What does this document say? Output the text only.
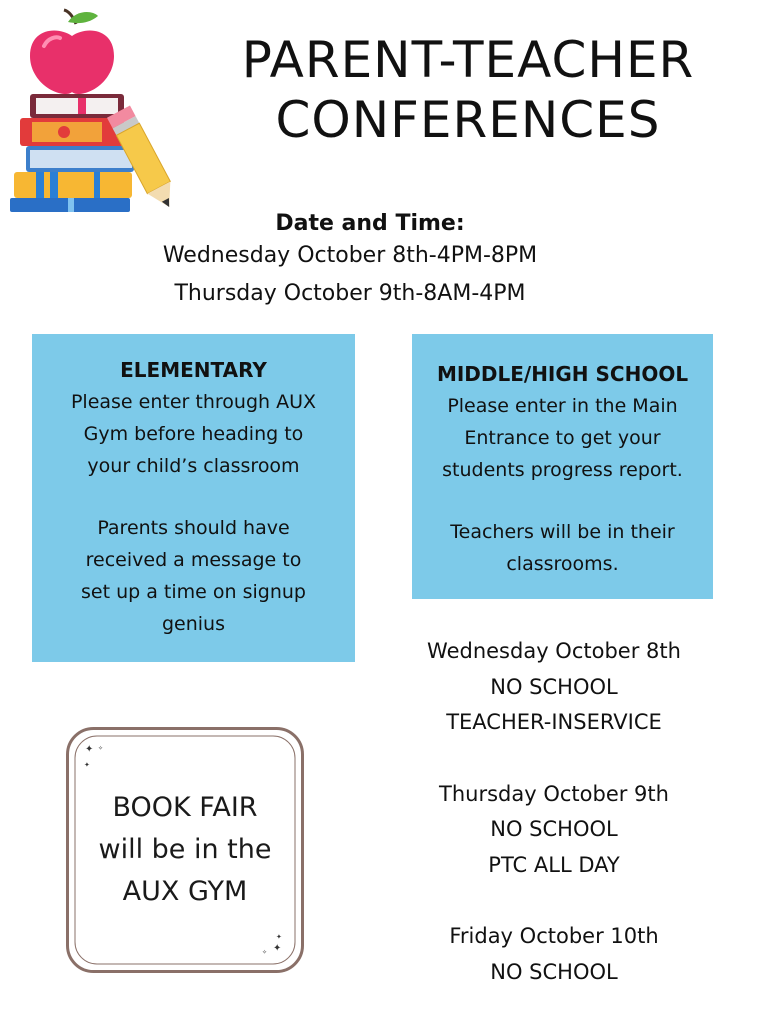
PARENT-TEACHER
CONFERENCES
Date and Time:
Wednesday October 8th-4PM-8PM
Thursday October 9th-8AM-4PM
ELEMENTARY
Please enter through AUX
Gym before heading to
your child’s classroom
Parents should have
received a message to
set up a time on signup
genius
MIDDLE/HIGH SCHOOL
Please enter in the Main
Entrance to get your
students progress report.
Teachers will be in their
classrooms.
Wednesday October 8th
NO SCHOOL
TEACHER-INSERVICE
Thursday October 9th
NO SCHOOL
PTC ALL DAY
Friday October 10th
NO SCHOOL
✦ ✧
✦
✦
✦
✧
BOOK FAIR
will be in the
AUX GYM
